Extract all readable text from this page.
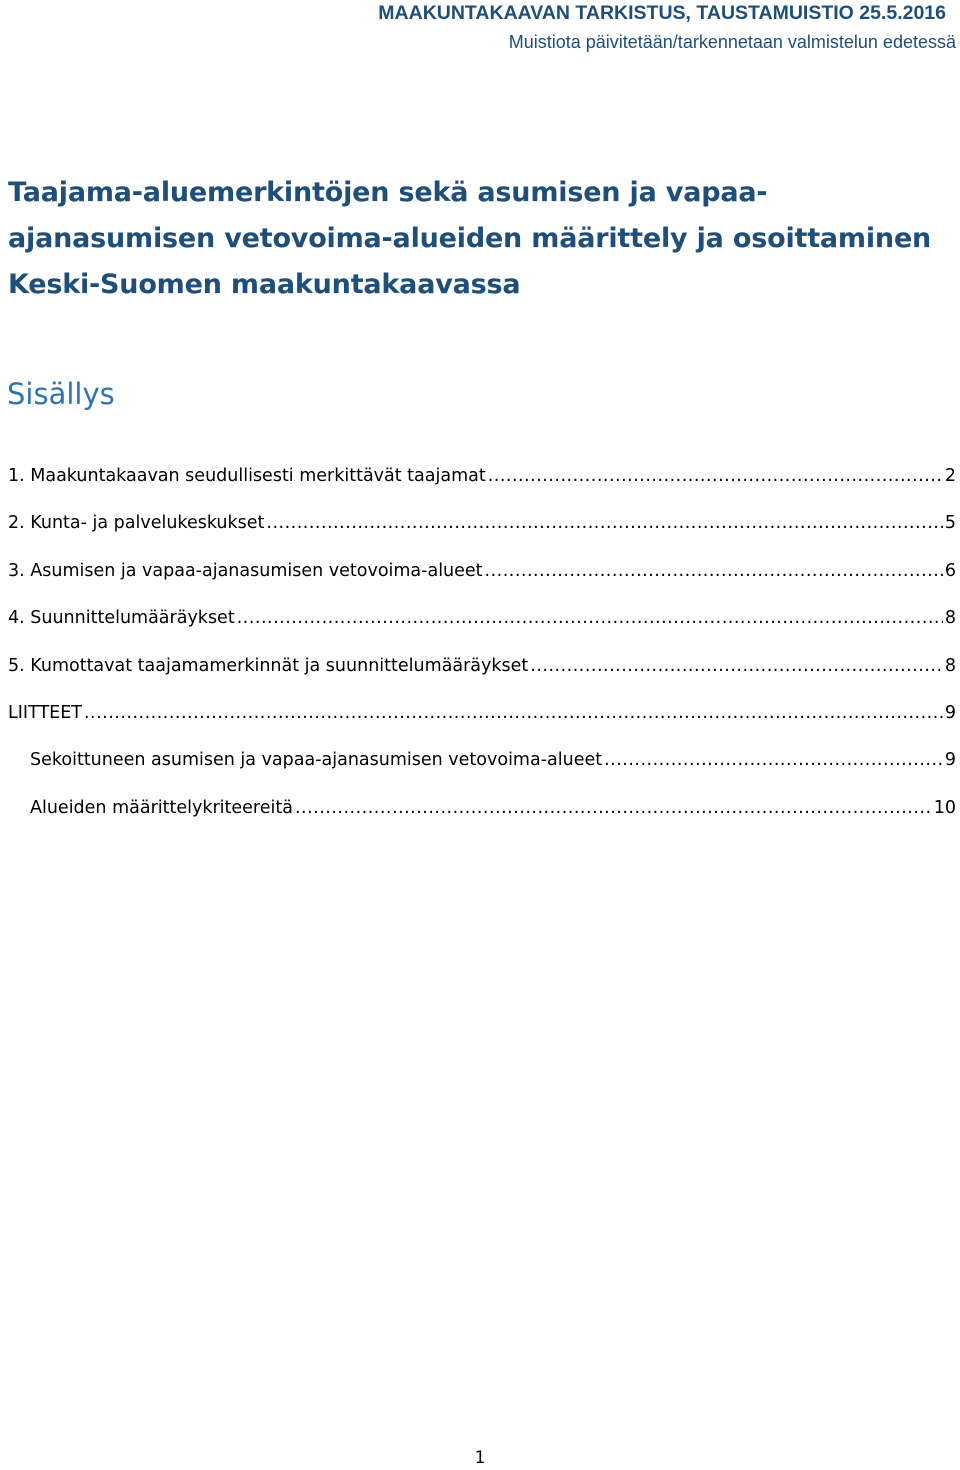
MAAKUNTAKAAVAN TARKISTUS, TAUSTAMUISTIO 25.5.2016
Muistiota päivitetään/tarkennetaan valmistelun edetessä
Taajama-aluemerkintöjen sekä asumisen ja vapaa-ajanasumisen vetovoima-alueiden määrittely ja osoittaminen Keski-Suomen maakuntakaavassa
Sisällys
1. Maakuntakaavan seudullisesti merkittävät taajamat .....	2
2. Kunta- ja palvelukeskukset .....	5
3. Asumisen ja vapaa-ajanasumisen vetovoima-alueet .....	6
4. Suunnittelumääräykset .....	8
5. Kumottavat taajamamerkinnät ja suunnittelumääräykset .....	8
LIITTEET .....	9
Sekoittuneen asumisen ja vapaa-ajanasumisen vetovoima-alueet .....	9
Alueiden määrittelykriteereitä .....	10
1
